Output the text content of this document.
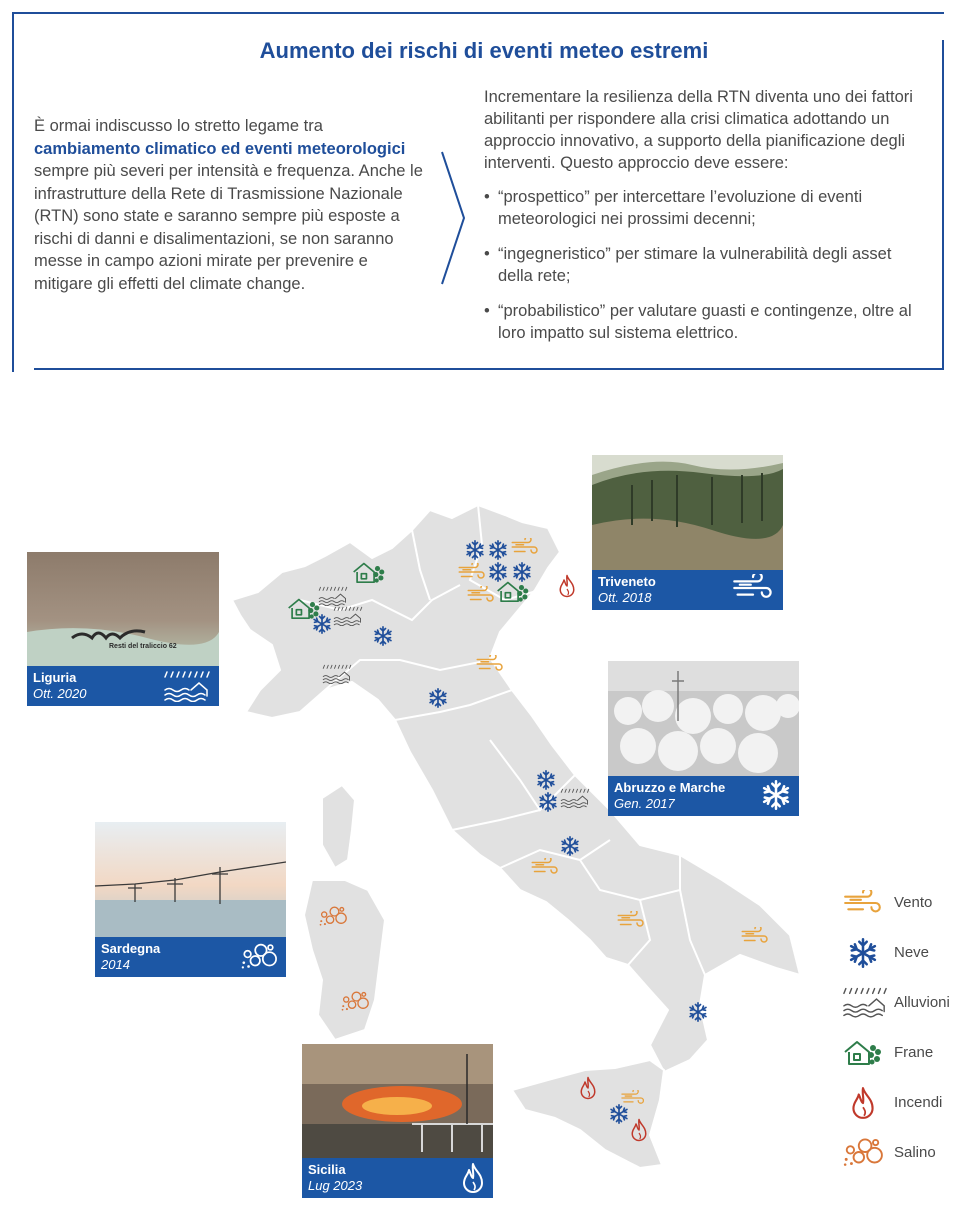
Aumento dei rischi di eventi meteo estremi
È ormai indiscusso lo stretto legame tra cambiamento climatico ed eventi meteorologici sempre più severi per intensità e frequenza. Anche le infrastrutture della Rete di Trasmissione Nazionale (RTN) sono state e saranno sempre più esposte a rischi di danni e disalimentazioni, se non saranno messe in campo azioni mirate per prevenire e mitigare gli effetti del climate change.
Incrementare la resilienza della RTN diventa uno dei fattori abilitanti per rispondere alla crisi climatica adottando un approccio innovativo, a supporto della pianificazione degli interventi. Questo approccio deve essere:
• “prospettico” per intercettare l’evoluzione di eventi meteorologici nei prossimi decenni;
• “ingegneristico” per stimare la vulnerabilità degli asset della rete;
• “probabilistico” per valutare guasti e contingenze, oltre al loro impatto sul sistema elettrico.
Resti del traliccio 62
Liguria
Ott. 2020
Triveneto
Ott. 2018
Abruzzo e Marche
Gen. 2017
Sardegna
2014
Sicilia
Lug 2023
Vento
Neve
Alluvioni
Frane
Incendi
Salino
